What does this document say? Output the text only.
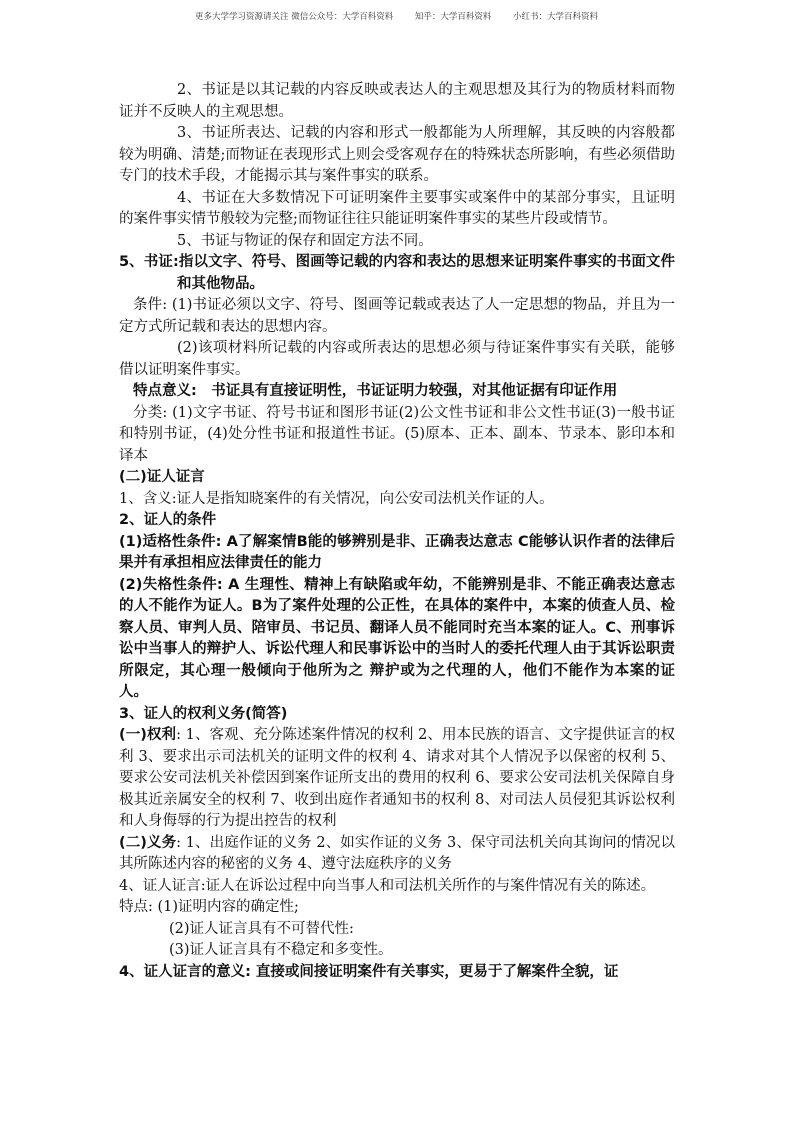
更多大学学习资源请关注 微信公众号：大学百科资料        知乎：大学百科资料        小红书：大学百科资料

2、书证是以其记载的内容反映或表达人的主观思想及其行为的物质材料而物证并不反映人的主观思想。

3、书证所表达、记载的内容和形式一般都能为人所理解，其反映的内容般都较为明确、清楚;而物证在表现形式上则会受客观存在的特殊状态所影响，有些必须借助专门的技术手段，才能揭示其与案件事实的联系。

4、书证在大多数情况下可证明案件主要事实或案件中的某部分事实，且证明的案件事实情节般较为完整;而物证往往只能证明案件事实的某些片段或情节。

5、书证与物证的保存和固定方法不同。

5、书证:指以文字、符号、图画等记载的内容和表达的思想来证明案件事实的书面文件和其他物品。

条件: (1)书证必须以文字、符号、图画等记载或表达了人一定思想的物品，并且为一定方式所记载和表达的思想内容。

(2)该项材料所记载的内容或所表达的思想必须与待证案件事实有关联，能够借以证明案件事实。

特点意义:　书证具有直接证明性，书证证明力较强，对其他证据有印证作用

分类: (1)文字书证、符号书证和图形书证(2)公文性书证和非公文性书证(3)一般书证和特别书证，(4)处分性书证和报道性书证。(5)原本、正本、副本、节录本、影印本和译本

(二)证人证言

1、含义:证人是指知晓案件的有关情况，向公安司法机关作证的人。

2、证人的条件

(1)适格性条件: A了解案情B能的够辨别是非、正确表达意志 C能够认识作者的法律后果并有承担相应法律责任的能力

(2)失格性条件: A 生理性、精神上有缺陷或年幼，不能辨别是非、不能正确表达意志的人不能作为证人。B为了案件处理的公正性，在具体的案件中，本案的侦查人员、检察人员、审判人员、陪审员、书记员、翻译人员不能同时充当本案的证人。C、刑事诉讼中当事人的辩护人、诉讼代理人和民事诉讼中的当时人的委托代理人由于其诉讼职责所限定，其心理一般倾向于他所为之 辩护或为之代理的人，他们不能作为本案的证人。

3、证人的权利义务(简答)

(一)权利: 1、客观、充分陈述案件情况的权利 2、用本民族的语言、文字提供证言的权利 3、要求出示司法机关的证明文件的权利 4、请求对其个人情况予以保密的权利 5、要求公安司法机关补偿因到案作证所支出的费用的权利 6、要求公安司法机关保障自身极其近亲属安全的权利 7、收到出庭作者通知书的权利 8、对司法人员侵犯其诉讼权利和人身侮辱的行为提出控告的权利

(二)义务: 1、出庭作证的义务 2、如实作证的义务 3、保守司法机关向其询问的情况以其所陈述内容的秘密的义务 4、遵守法庭秩序的义务

4、证人证言:证人在诉讼过程中向当事人和司法机关所作的与案件情况有关的陈述。

特点: (1)证明内容的确定性;

(2)证人证言具有不可替代性:

(3)证人证言具有不稳定和多变性。

4、证人证言的意义: 直接或间接证明案件有关事实，更易于了解案件全貌，证
